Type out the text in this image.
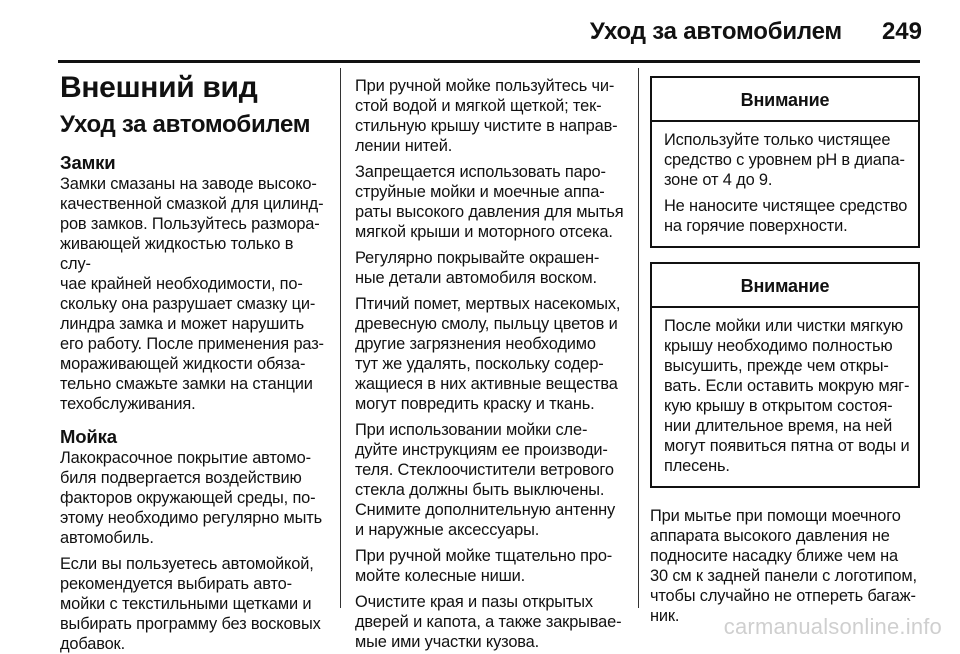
Уход за автомобилем 249
Внешний вид
Уход за автомобилем
Замки

Замки смазаны на заводе высоко-
качественной смазкой для цилинд-
ров замков. Пользуйтесь размора-
живающей жидкостью только в слу-
чае крайней необходимости, по-
скольку она разрушает смазку ци-
линдра замка и может нарушить
его работу. После применения раз-
мораживающей жидкости обяза-
тельно смажьте замки на станции
техобслуживания.

Мойка

Лакокрасочное покрытие автомо-
биля подвергается воздействию
факторов окружающей среды, по-
этому необходимо регулярно мыть
автомобиль.

Если вы пользуетесь автомойкой,
рекомендуется выбирать авто-
мойки с текстильными щетками и
выбирать программу без восковых
добавок.

При ручной мойке пользуйтесь чи-
стой водой и мягкой щеткой; тек-
стильную крышу чистите в направ-
лении нитей.

Запрещается использовать паро-
струйные мойки и моечные аппа-
раты высокого давления для мытья
мягкой крыши и моторного отсека.

Регулярно покрывайте окрашен-
ные детали автомобиля воском.

Птичий помет, мертвых насекомых,
древесную смолу, пыльцу цветов и
другие загрязнения необходимо
тут же удалять, поскольку содер-
жащиеся в них активные вещества
могут повредить краску и ткань.

При использовании мойки сле-
дуйте инструкциям ее производи-
теля. Стеклоочистители ветрового
стекла должны быть выключены.
Снимите дополнительную антенну
и наружные аксессуары.

При ручной мойке тщательно про-
мойте колесные ниши.

Очистите края и пазы открытых
дверей и капота, а также закрывае-
мые ими участки кузова.

Внимание

Используйте только чистящее
средство с уровнем pH в диапа-
зоне от 4 до 9.

Не наносите чистящее средство
на горячие поверхности.

Внимание

После мойки или чистки мягкую
крышу необходимо полностью
высушить, прежде чем откры-
вать. Если оставить мокрую мяг-
кую крышу в открытом состоя-
нии длительное время, на ней
могут появиться пятна от воды и
плесень.

При мытье при помощи моечного
аппарата высокого давления не
подносите насадку ближе чем на
30 см к задней панели с логотипом,
чтобы случайно не отпереть багаж-
ник.	carmanualsonline.info
